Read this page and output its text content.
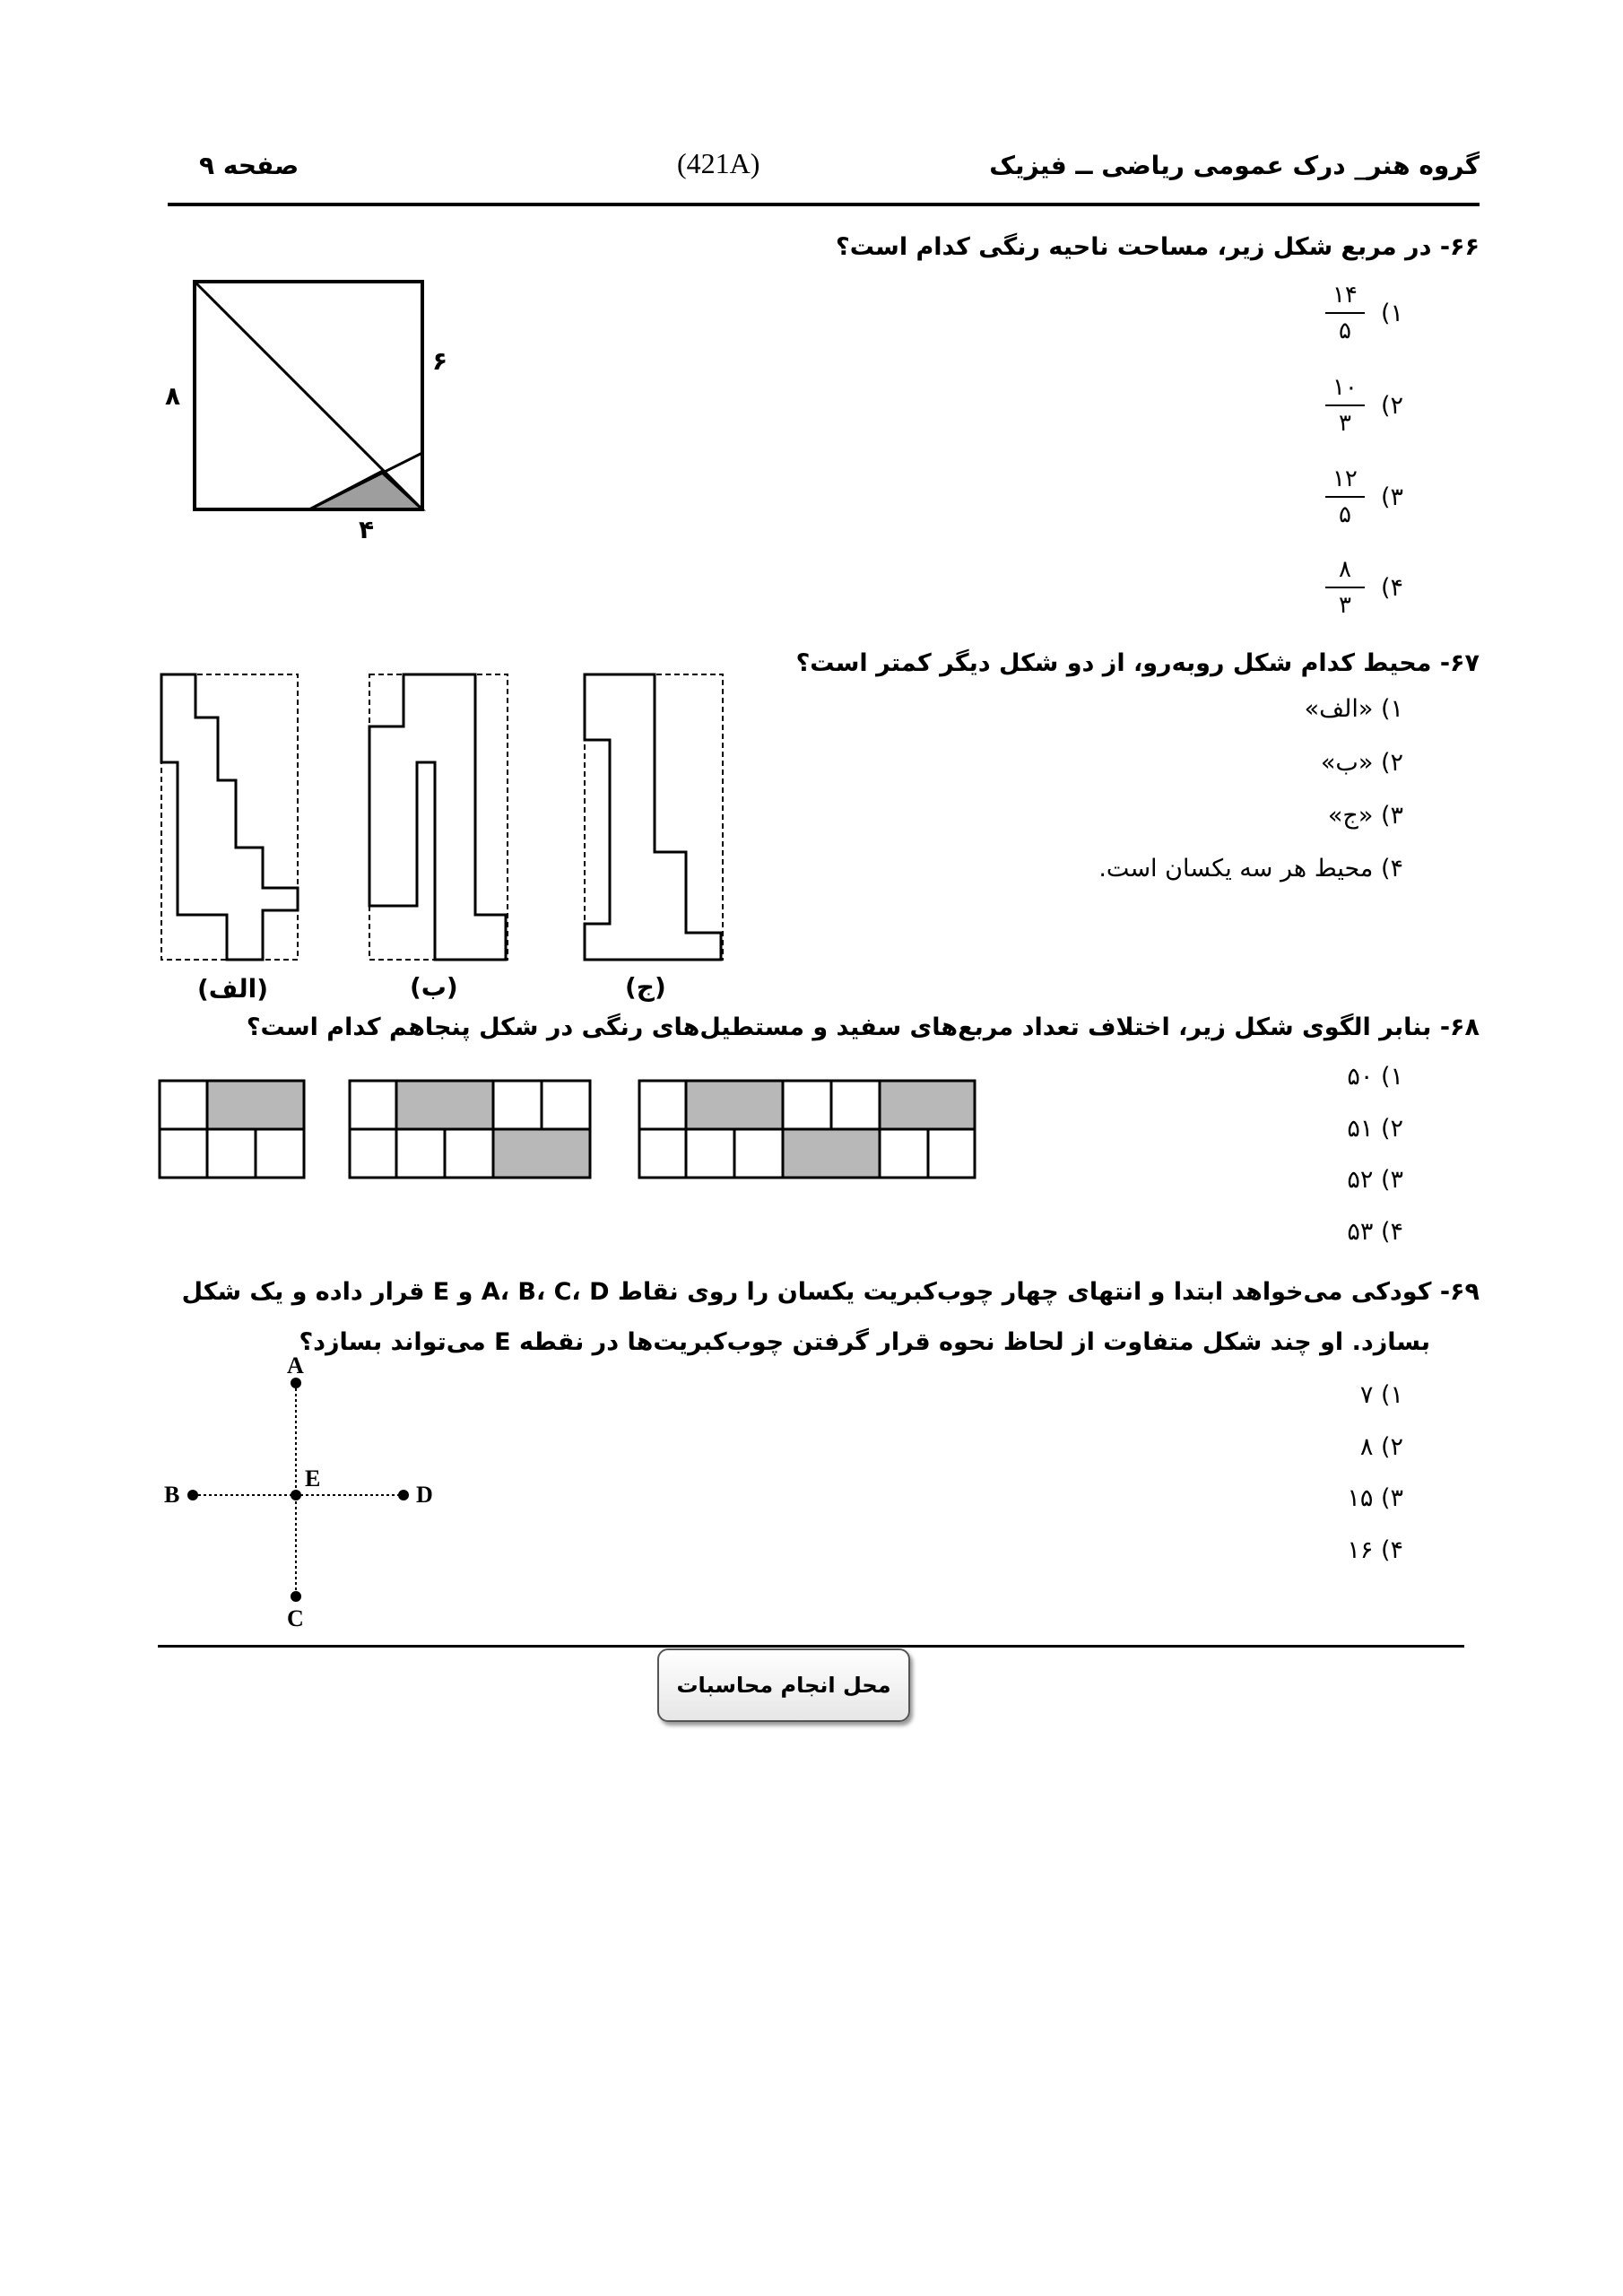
صفحه ۹	(421A)	گروه هنر_ درک عمومی ریاضی ــ فیزیک
-۶۶ در مربع شکل زیر، مساحت ناحیه رنگی کدام است؟
۱)
۱۴
۵
۲)
۱۰
۳
۳)
۱۲
۵
۴)
۸
۳
۸
۶
۴
-۶۷ محیط کدام شکل روبه‌رو، از دو شکل دیگر کمتر است؟
۱) «الف»
۲) «ب»
۳) «ج»
۴) محیط هر سه یکسان است.
(الف)	(ب)	(ج)
-۶۸ بنابر الگوی شکل زیر، اختلاف تعداد مربع‌های سفید و مستطیل‌های رنگی در شکل پنجاهم کدام است؟
۵۰ (۱
۵۱ (۲
۵۲ (۳
۵۳ (۴
-۶۹ کودکی می‌خواهد ابتدا و انتهای چهار چوب‌کبریت یکسان را روی نقاط A، B، C، D و E قرار داده و یک شکل
بسازد. او چند شکل متفاوت از لحاظ نحوه قرار گرفتن چوب‌کبریت‌ها در نقطه E می‌تواند بسازد؟
۷ (۱
۸ (۲
۱۵ (۳
۱۶ (۴
A
B
C
D
E
محل انجام محاسبات
